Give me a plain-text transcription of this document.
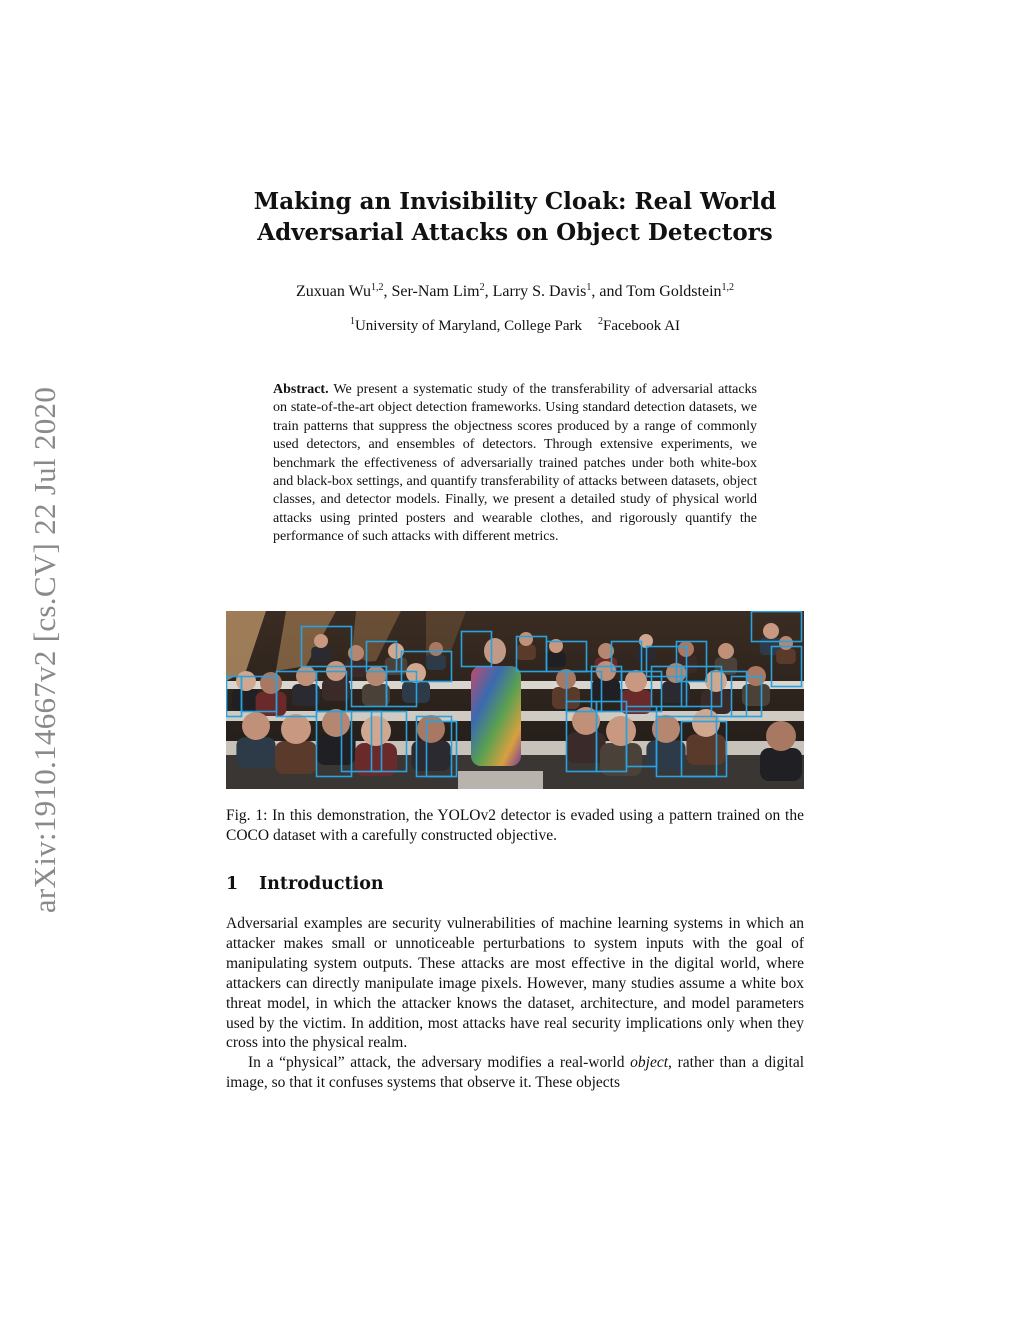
arXiv:1910.14667v2 [cs.CV] 22 Jul 2020
Making an Invisibility Cloak: Real World
Adversarial Attacks on Object Detectors
Zuxuan Wu$^{1,2}$, Ser-Nam Lim$^2$, Larry S. Davis$^1$, and Tom Goldstein$^{1,2}$
$^1$University of Maryland, College Park $^2$Facebook AI

Abstract. We present a systematic study of the transferability of adversarial attacks on state-of-the-art object detection frameworks. Using standard detection datasets, we train patterns that suppress the objectness scores produced by a range of commonly used detectors, and ensembles of detectors. Through extensive experiments, we benchmark the effectiveness of adversarially trained patches under both white-box and black-box settings, and quantify transferability of attacks between datasets, object classes, and detector models. Finally, we present a detailed study of physical world attacks using printed posters and wearable clothes, and rigorously quantify the performance of such attacks with different metrics.

Fig. 1: In this demonstration, the YOLOv2 detector is evaded using a pattern trained on the COCO dataset with a carefully constructed objective.

1 Introduction

Adversarial examples are security vulnerabilities of machine learning systems in which an attacker makes small or unnoticeable perturbations to system inputs with the goal of manipulating system outputs. These attacks are most effective in the digital world, where attackers can directly manipulate image pixels. However, many studies assume a white box threat model, in which the attacker knows the dataset, architecture, and model parameters used by the victim. In addition, most attacks have real security implications only when they cross into the physical realm.

In a “physical” attack, the adversary modifies a real-world object, rather than a digital image, so that it confuses systems that observe it. These objects
